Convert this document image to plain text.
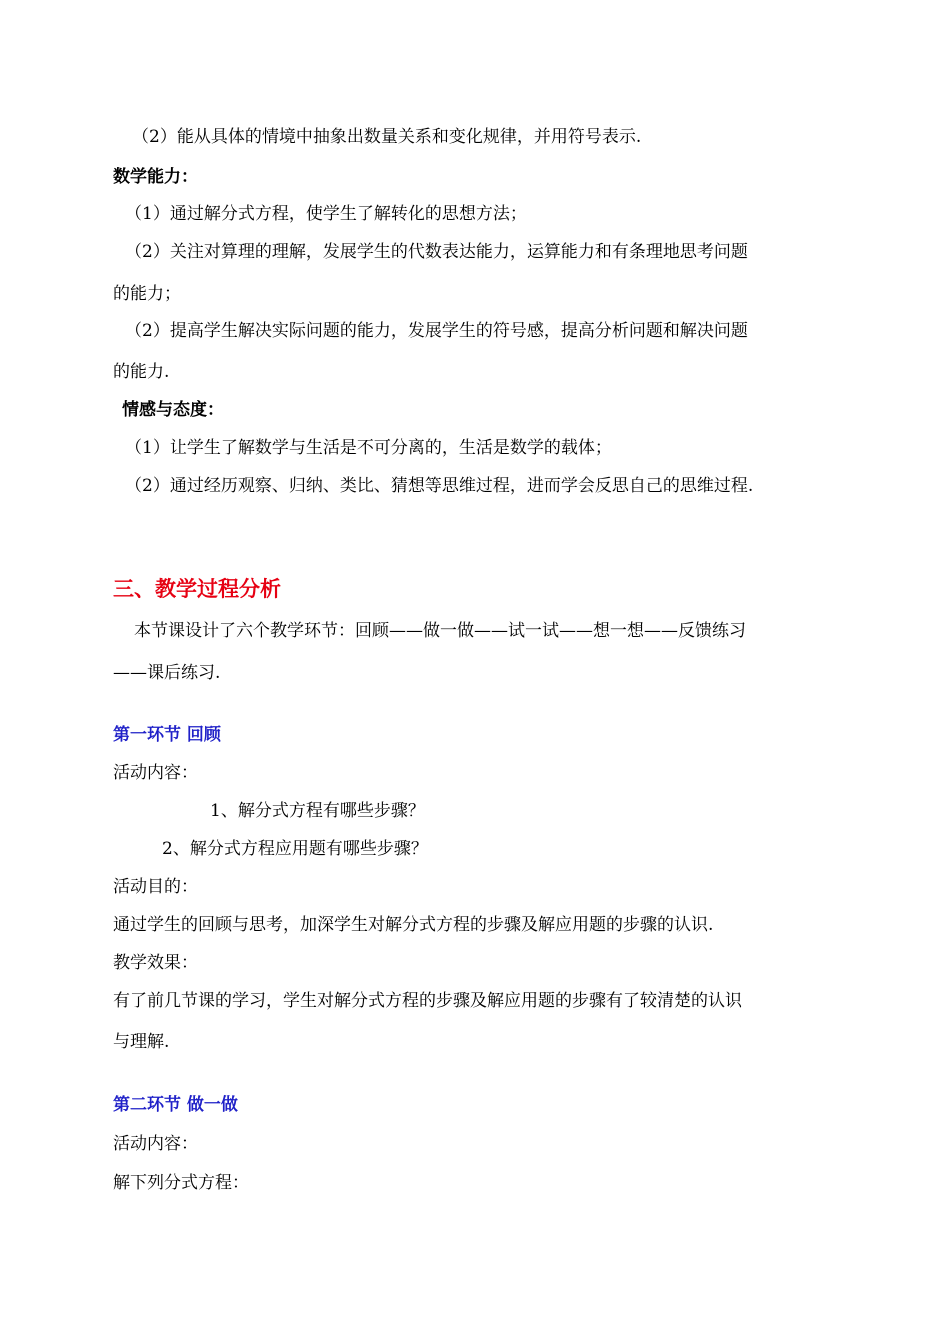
（2）能从具体的情境中抽象出数量关系和变化规律，并用符号表示.
数学能力：
（1）通过解分式方程，使学生了解转化的思想方法；
（2）关注对算理的理解，发展学生的代数表达能力，运算能力和有条理地思考问题
的能力；
（2）提高学生解决实际问题的能力，发展学生的符号感，提高分析问题和解决问题
的能力.
情感与态度：
（1）让学生了解数学与生活是不可分离的，生活是数学的载体；
（2）通过经历观察、归纳、类比、猜想等思维过程，进而学会反思自己的思维过程.
三、教学过程分析
本节课设计了六个教学环节：回顾——做一做——试一试——想一想——反馈练习
——课后练习.
第一环节 回顾
活动内容：
1、解分式方程有哪些步骤？
2、解分式方程应用题有哪些步骤？
活动目的：
通过学生的回顾与思考，加深学生对解分式方程的步骤及解应用题的步骤的认识.
教学效果：
有了前几节课的学习，学生对解分式方程的步骤及解应用题的步骤有了较清楚的认识
与理解.
第二环节 做一做
活动内容：
解下列分式方程：
